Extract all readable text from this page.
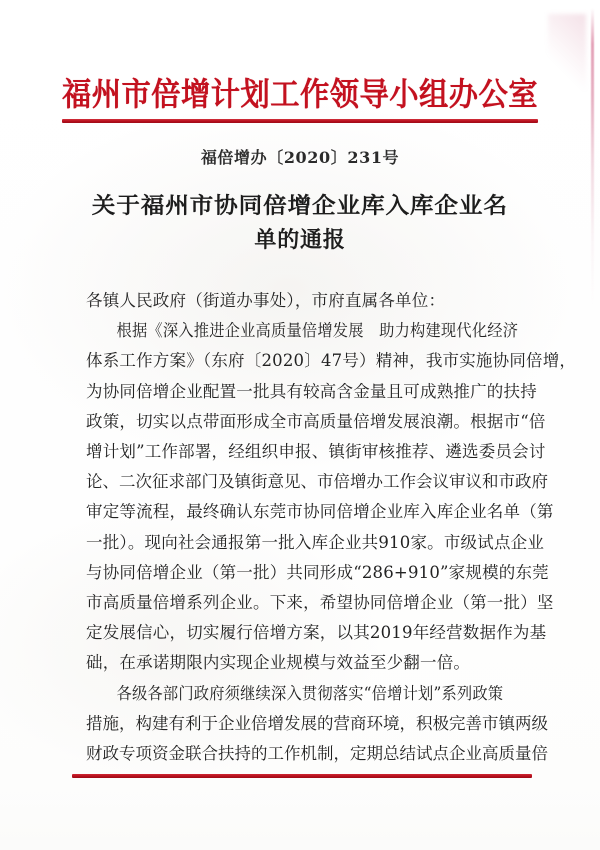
福州市倍增计划工作领导小组办公室
福倍增办〔2020〕231号
关于福州市协同倍增企业库入库企业名
单的通报
各镇人民政府（街道办事处），市府直属各单位：
根据《深入推进企业高质量倍增发展　助力构建现代化经济
体系工作方案》（东府〔2020〕47号）精神，我市实施协同倍增，
为协同倍增企业配置一批具有较高含金量且可成熟推广的扶持
政策，切实以点带面形成全市高质量倍增发展浪潮。根据市“倍
增计划”工作部署，经组织申报、镇街审核推荐、遴选委员会讨
论、二次征求部门及镇街意见、市倍增办工作会议审议和市政府
审定等流程，最终确认东莞市协同倍增企业库入库企业名单（第
一批）。现向社会通报第一批入库企业共910家。市级试点企业
与协同倍增企业（第一批）共同形成“286+910”家规模的东莞
市高质量倍增系列企业。下来，希望协同倍增企业（第一批）坚
定发展信心，切实履行倍增方案，以其2019年经营数据作为基
础，在承诺期限内实现企业规模与效益至少翻一倍。
各级各部门政府须继续深入贯彻落实“倍增计划”系列政策
措施，构建有利于企业倍增发展的营商环境，积极完善市镇两级
财政专项资金联合扶持的工作机制，定期总结试点企业高质量倍
